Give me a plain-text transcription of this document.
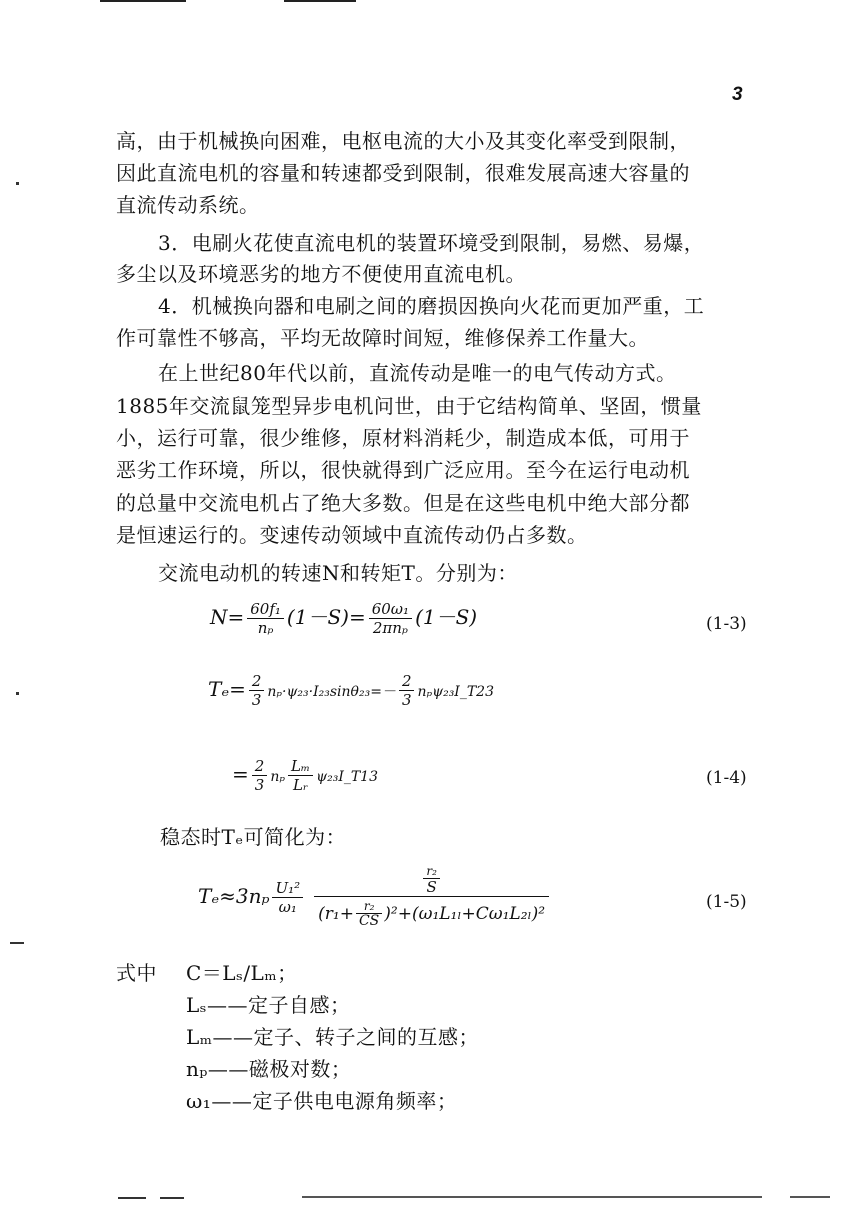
3
高，由于机械换向困难，电枢电流的大小及其变化率受到限制，
因此直流电机的容量和转速都受到限制，很难发展高速大容量的
直流传动系统。
3．电刷火花使直流电机的装置环境受到限制，易燃、易爆，
多尘以及环境恶劣的地方不便使用直流电机。
4．机械换向器和电刷之间的磨损因换向火花而更加严重，工
作可靠性不够高，平均无故障时间短，维修保养工作量大。
在上世纪80年代以前，直流传动是唯一的电气传动方式。
1885年交流鼠笼型异步电机问世，由于它结构简单、坚固，惯量
小，运行可靠，很少维修，原材料消耗少，制造成本低，可用于
恶劣工作环境，所以，很快就得到广泛应用。至今在运行电动机
的总量中交流电机占了绝大多数。但是在这些电机中绝大部分都
是恒速运行的。变速传动领域中直流传动仍占多数。
交流电动机的转速N和转矩T。分别为：
$N= \frac{\text{60f₁}}{\text{nₚ}} (1-S)= \frac{\text{60ω₁}}{\text{2πnₚ}} (1-S)$	(1-3)
$T_e= \frac{2}{3} n_p\cdot\psi_{23}\cdot I_{23}\sin\theta_{23}=- \frac{2}{3}$ nₚψ₂₃I_T23
= $\frac{2}{3}$ nₚ $\frac{\text{Lₘ}}{\text{Lᵣ}}$ ψ₂₃I_T13	(1-4)
稳态时Tₑ可简化为：
$T_e\approx 3n_p \frac{\text{U₁²}}{\text{ω₁}} \frac{\frac{\text{r₂}}{S}}{(r_1+ \frac{\text{r₂}}{CS} )^2+(\omega_1L_{1l}+C\omega_1L_{2l})^2}$	(1-5)
式中	C＝Lₛ/Lₘ；
Lₛ——定子自感；
Lₘ——定子、转子之间的互感；
nₚ——磁极对数；
ω₁——定子供电电源角频率；
